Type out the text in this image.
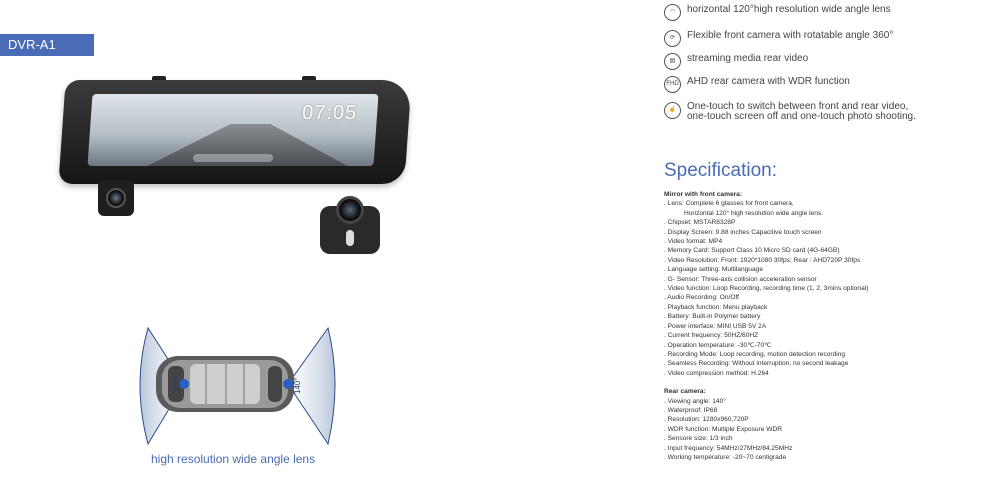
DVR-A1
07:05
120°	140°
high resolution wide angle lens
◠	horizontal 120°high resolution wide angle lens
⟳	Flexible front camera with rotatable angle 360°
▤	streaming media rear video
FHD AHD rear camera with WDR function
☝	One-touch to switch between front and rear video,
one-touch screen off and one-touch photo shooting.
Specification:
Mirror with front camera:
. Lens: Complete 6 glasses for front camera,
Horizontal 120° high resolution wide angle lens.
. Chipset: MSTAR8328P
. Display Screen: 9.88 inches Capacitive touch screen
. Video format: MP4
. Memory Card: Support Class 10 Micro SD card (4G-64GB)
. Video Resolution: Front: 1920*1080 30fps; Rear : AHD720P 30fps
. Language setting: Multilanguage
. G- Sensor: Three-axis collision acceleration sensor
. Video function: Loop Recording, recording time (1, 2, 3mins optional)
. Audio Recording: On/Off
. Playback function: Menu playback
. Battery: Built-in Polymer battery
. Power interface: MINI USB 5V 2A
. Current frequency: 50HZ/60HZ
. Operation temperature: -30℃-70℃
. Recording Mode: Loop recording, motion detection recording
. Seamless Recording: Without interruption, no second leakage
. Video compression method: H.264
Rear camera:
. Viewing angle: 140°
. Waterproof: IP68
. Resolution: 1280x960,720P
. WDR function: Multiple Exposure WDR
. Sensore size: 1/3 inch
. Input frequency: 54MHz/27MHz/84.25MHz
. Working temperature: -20~70 centigrade
